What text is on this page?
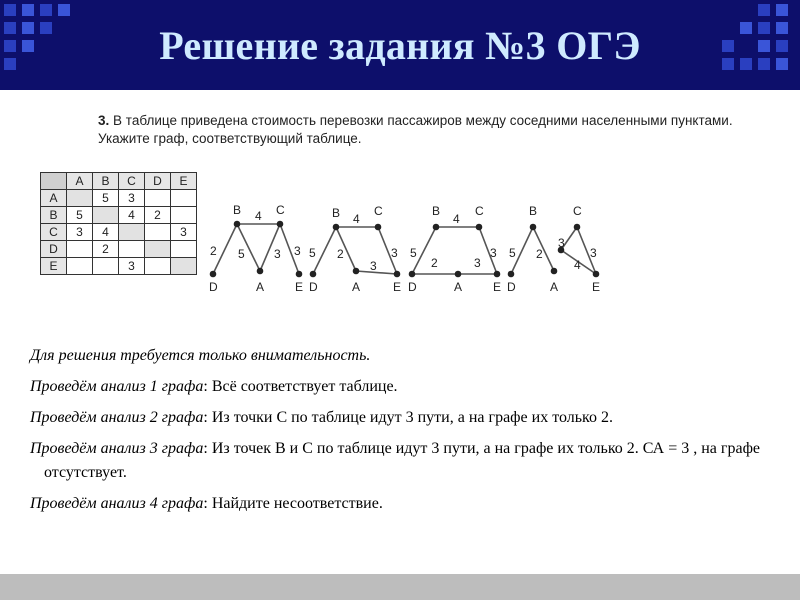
Решение задания №3 ОГЭ
3. В таблице приведена стоимость перевозки пассажиров между соседними населенными пунктами. Укажите граф, соответствующий таблице.
	A	B	C	D	E
A		5	3		
B	5		4	2	
C	3	4			3
D		2			
E			3		
B	C
D	A	E
4
2 5 3 3
B	C
D	A	E
4
5 2
3
3
B	C
D	A	E
4
5
2	3
3
B	C
D	A	E
5 2
3
4
3

Для решения требуется только внимательность.

Проведём анализ 1 графа: Всё соответствует таблице.

Проведём анализ 2 графа: Из точки С по таблице идут 3 пути, а на графе их только 2.

Проведём анализ 3 графа: Из точек В и С по таблице идут 3 пути, а на графе их только 2. СА = 3 , на графе отсутствует.

Проведём анализ 4 графа: Найдите несоответствие.
